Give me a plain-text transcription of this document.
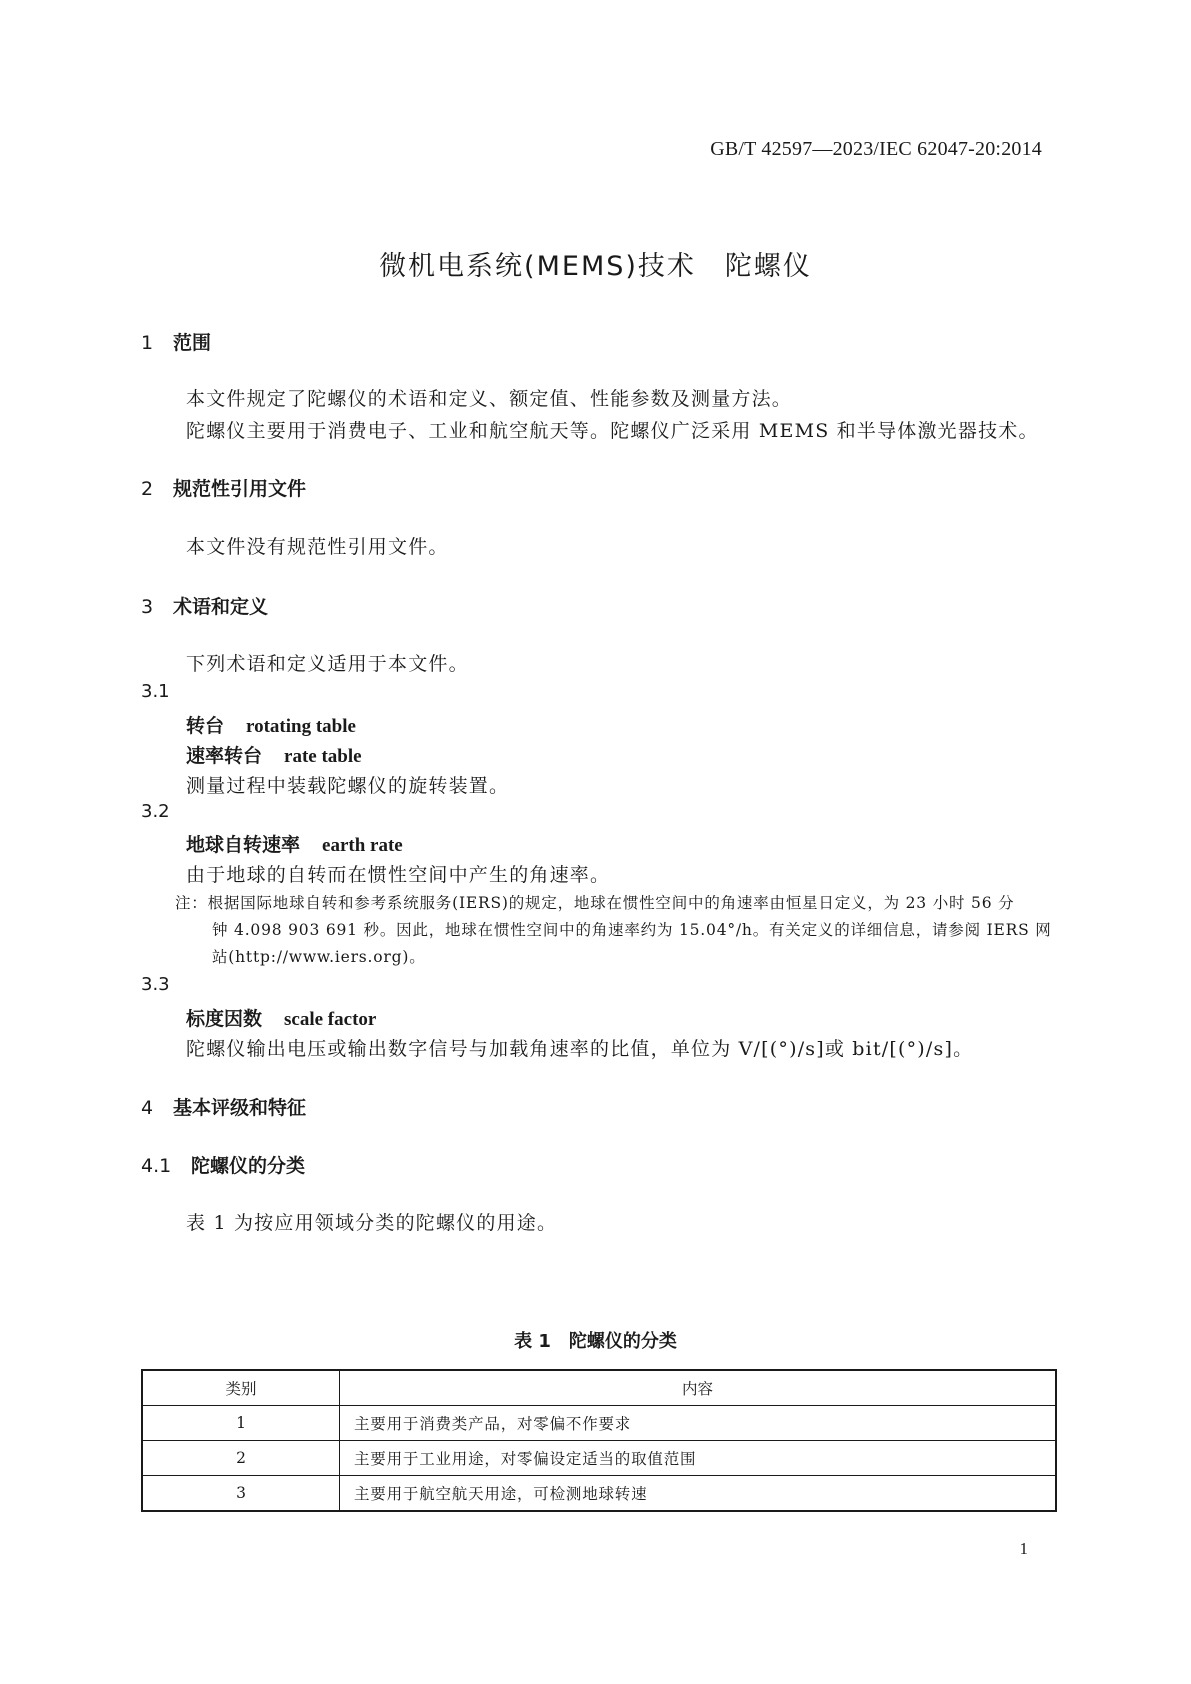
GB/T 42597—2023/IEC 62047-20:2014
微机电系统(MEMS)技术　陀螺仪
1 范围
本文件规定了陀螺仪的术语和定义、额定值、性能参数及测量方法。
陀螺仪主要用于消费电子、工业和航空航天等。陀螺仪广泛采用 MEMS 和半导体激光器技术。
2 规范性引用文件
本文件没有规范性引用文件。
3 术语和定义
下列术语和定义适用于本文件。
3.1
转台 rotating table
速率转台 rate table
测量过程中装载陀螺仪的旋转装置。
3.2
地球自转速率 earth rate
由于地球的自转而在惯性空间中产生的角速率。
注：根据国际地球自转和参考系统服务(IERS)的规定，地球在惯性空间中的角速率由恒星日定义，为 23 小时 56 分
钟 4.098 903 691 秒。因此，地球在惯性空间中的角速率约为 15.04°/h。有关定义的详细信息，请参阅 IERS 网
站(http://www.iers.org)。
3.3
标度因数 scale factor
陀螺仪输出电压或输出数字信号与加载角速率的比值，单位为 V/[(°)/s]或 bit/[(°)/s]。
4 基本评级和特征
4.1 陀螺仪的分类
表 1 为按应用领域分类的陀螺仪的用途。
表 1 陀螺仪的分类
类别	内容
1	主要用于消费类产品，对零偏不作要求
2	主要用于工业用途，对零偏设定适当的取值范围
3	主要用于航空航天用途，可检测地球转速
1
